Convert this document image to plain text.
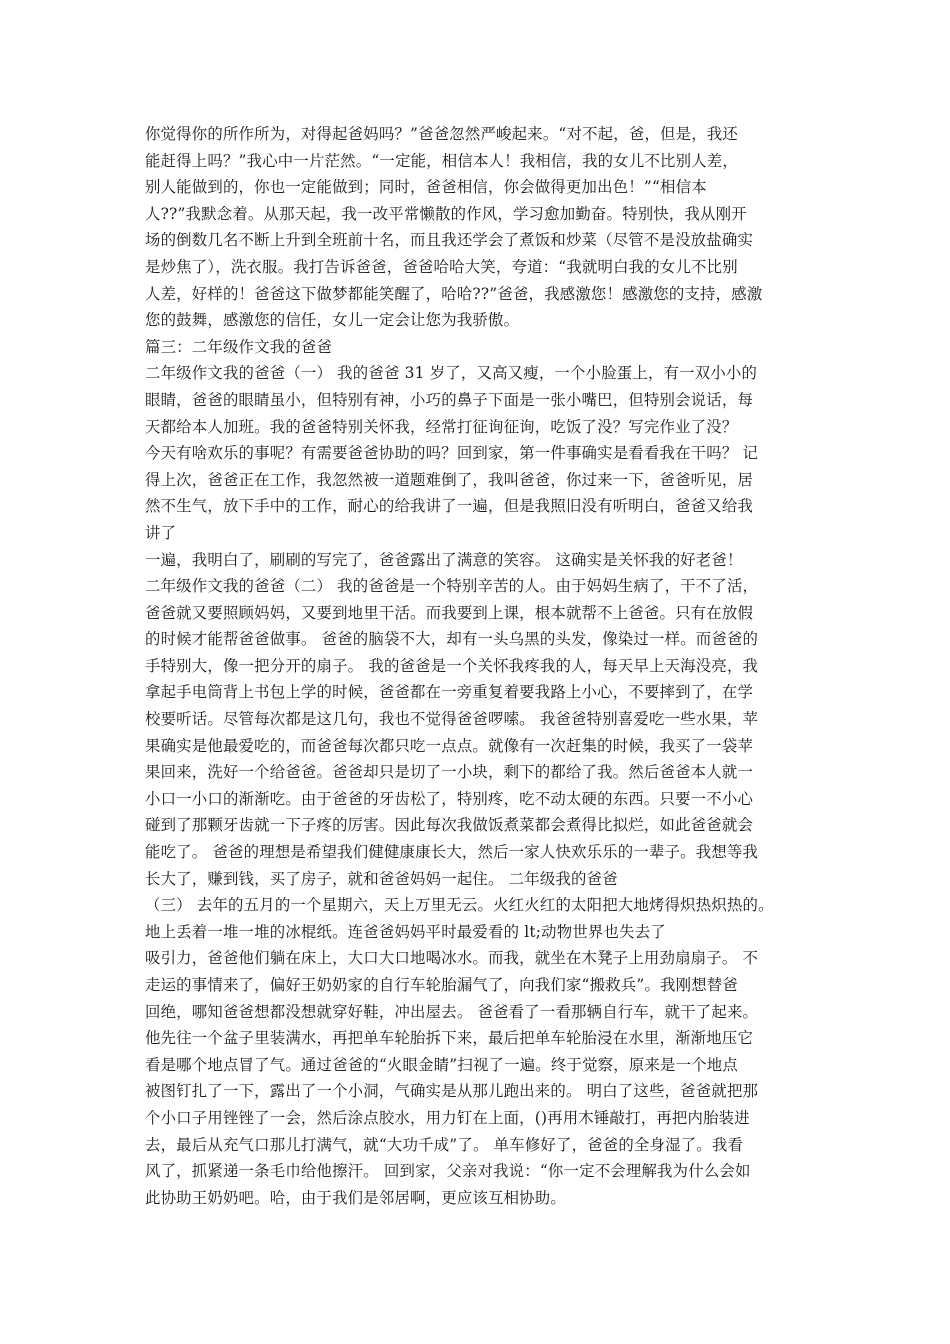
你觉得你的所作所为，对得起爸妈吗？”爸爸忽然严峻起来。“对不起，爸，但是，我还
能赶得上吗？”我心中一片茫然。“一定能，相信本人！我相信，我的女儿不比别人差，
别人能做到的，你也一定能做到；同时，爸爸相信，你会做得更加出色！”“相信本
人??”我默念着。从那天起，我一改平常懒散的作风，学习愈加勤奋。特别快，我从刚开
场的倒数几名不断上升到全班前十名，而且我还学会了煮饭和炒菜（尽管不是没放盐确实
是炒焦了），洗衣服。我打告诉爸爸，爸爸哈哈大笑，夸道：“我就明白我的女儿不比别
人差，好样的！爸爸这下做梦都能笑醒了，哈哈??”爸爸，我感激您！感激您的支持，感激
您的鼓舞，感激您的信任，女儿一定会让您为我骄傲。
篇三：二年级作文我的爸爸
二年级作文我的爸爸（一） 我的爸爸 31 岁了，又高又瘦，一个小脸蛋上，有一双小小的
眼睛，爸爸的眼睛虽小，但特别有神，小巧的鼻子下面是一张小嘴巴，但特别会说话，每
天都给本人加班。我的爸爸特别关怀我，经常打征询征询，吃饭了没？写完作业了没？
今天有啥欢乐的事呢？有需要爸爸协助的吗？回到家，第一件事确实是看看我在干吗？ 记
得上次，爸爸正在工作，我忽然被一道题难倒了，我叫爸爸，你过来一下，爸爸听见，居
然不生气，放下手中的工作，耐心的给我讲了一遍，但是我照旧没有听明白，爸爸又给我
讲了
一遍，我明白了，刷刷的写完了，爸爸露出了满意的笑容。 这确实是关怀我的好老爸！
二年级作文我的爸爸（二） 我的爸爸是一个特别辛苦的人。由于妈妈生病了，干不了活，
爸爸就又要照顾妈妈，又要到地里干活。而我要到上课，根本就帮不上爸爸。只有在放假
的时候才能帮爸爸做事。 爸爸的脑袋不大，却有一头乌黑的头发，像染过一样。而爸爸的
手特别大，像一把分开的扇子。 我的爸爸是一个关怀我疼我的人，每天早上天海没亮，我
拿起手电筒背上书包上学的时候，爸爸都在一旁重复着要我路上小心，不要摔到了，在学
校要听话。尽管每次都是这几句，我也不觉得爸爸啰嗦。 我爸爸特别喜爱吃一些水果，苹
果确实是他最爱吃的，而爸爸每次都只吃一点点。就像有一次赶集的时候，我买了一袋苹
果回来，洗好一个给爸爸。爸爸却只是切了一小块，剩下的都给了我。然后爸爸本人就一
小口一小口的渐渐吃。由于爸爸的牙齿松了，特别疼，吃不动太硬的东西。只要一不小心
碰到了那颗牙齿就一下子疼的厉害。因此每次我做饭煮菜都会煮得比拟烂，如此爸爸就会
能吃了。 爸爸的理想是希望我们健健康康长大，然后一家人快欢乐乐的一辈子。我想等我
长大了，赚到钱，买了房子，就和爸爸妈妈一起住。 二年级我的爸爸
（三） 去年的五月的一个星期六，天上万里无云。火红火红的太阳把大地烤得炽热炽热的。
地上丢着一堆一堆的冰棍纸。连爸爸妈妈平时最爱看的 lt;动物世界也失去了
吸引力，爸爸他们躺在床上，大口大口地喝冰水。而我，就坐在木凳子上用劲扇扇子。 不
走运的事情来了，偏好王奶奶家的自行车轮胎漏气了，向我们家“搬救兵”。我刚想替爸
回绝，哪知爸爸想都没想就穿好鞋，冲出屋去。 爸爸看了一看那辆自行车，就干了起来。
他先往一个盆子里装满水，再把单车轮胎拆下来，最后把单车轮胎浸在水里，渐渐地压它
看是哪个地点冒了气。通过爸爸的“火眼金睛”扫视了一遍。终于觉察，原来是一个地点
被图钉扎了一下，露出了一个小洞，气确实是从那儿跑出来的。 明白了这些，爸爸就把那
个小口子用锉锉了一会，然后涂点胶水，用力钉在上面，()再用木锤敲打，再把内胎装进
去，最后从充气口那儿打满气，就“大功千成”了。 单车修好了，爸爸的全身湿了。我看
风了，抓紧递一条毛巾给他擦汗。 回到家，父亲对我说：“你一定不会理解我为什么会如
此协助王奶奶吧。哈，由于我们是邻居啊，更应该互相协助。
